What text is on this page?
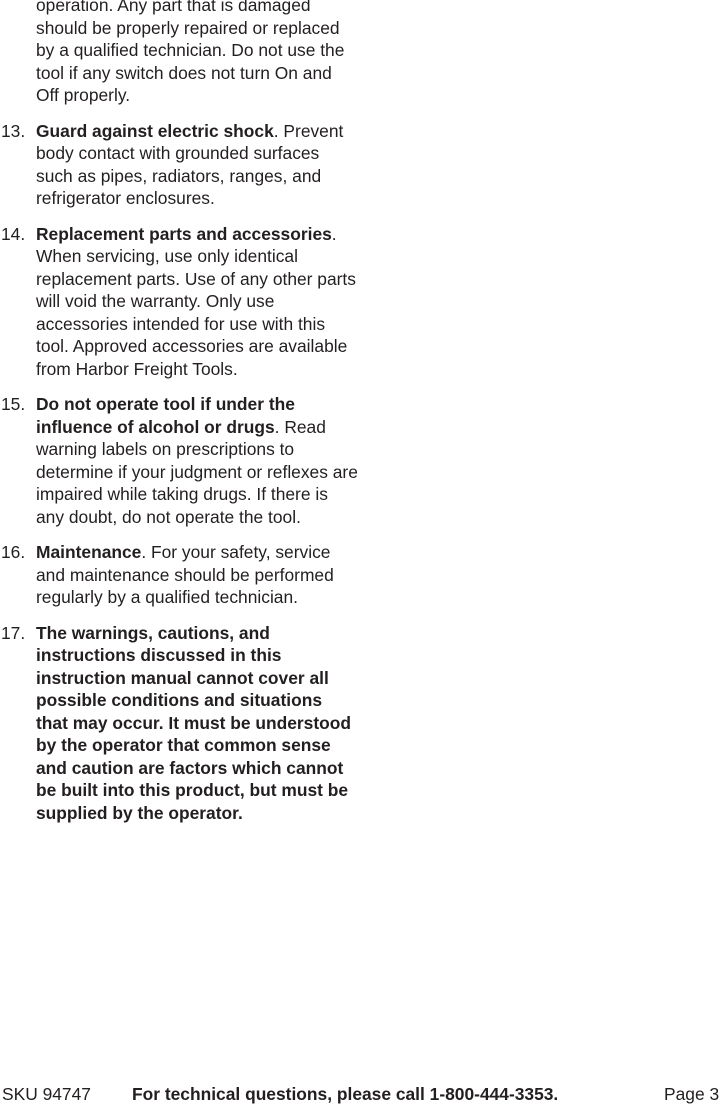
operation. Any part that is damaged should be properly repaired or replaced by a qualified technician. Do not use the tool if any switch does not turn On and Off properly.

13. Guard against electric shock. Prevent body contact with grounded surfaces such as pipes, radiators, ranges, and refrigerator enclosures.
14. Replacement parts and accessories. When servicing, use only identical replacement parts. Use of any other parts will void the warranty. Only use accessories intended for use with this tool. Approved accessories are available from Harbor Freight Tools.
15. Do not operate tool if under the influence of alcohol or drugs. Read warning labels on prescriptions to determine if your judgment or reflexes are impaired while taking drugs. If there is any doubt, do not operate the tool.
16. Maintenance. For your safety, service and maintenance should be performed regularly by a qualified technician.
17. The warnings, cautions, and instructions discussed in this instruction manual cannot cover all possible conditions and situations that may occur. It must be understood by the operator that common sense and caution are factors which cannot be built into this product, but must be supplied by the operator.
SKU 94747 For technical questions, please call 1-800-444-3353.	Page 3
